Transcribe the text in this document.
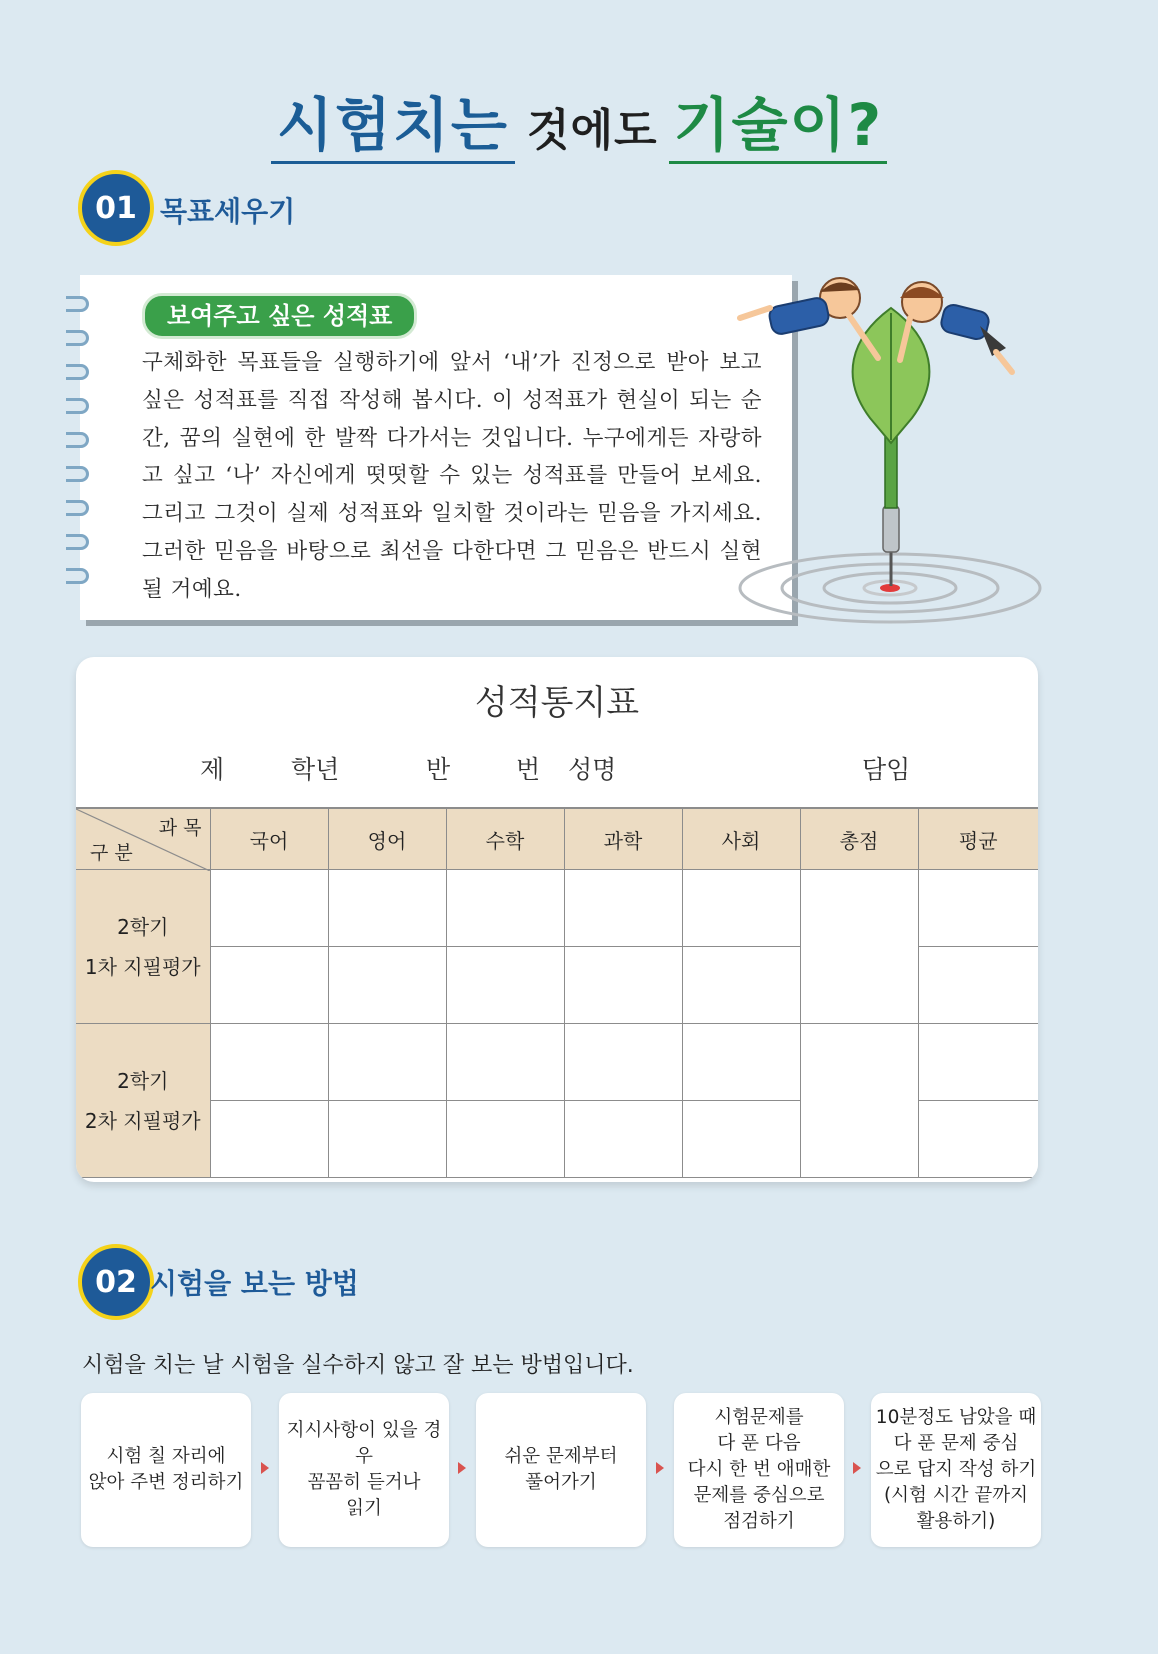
시험치는 것에도 기술이?
01 목표세우기
보여주고 싶은 성적표
구체화한 목표들을 실행하기에 앞서 ‘내’가 진정으로 받아 보고 싶은 성적표를 직접 작성해 봅시다. 이 성적표가 현실이 되는 순간, 꿈의 실현에 한 발짝 다가서는 것입니다. 누구에게든 자랑하고 싶고 ‘나’ 자신에게 떳떳할 수 있는 성적표를 만들어 보세요. 그리고 그것이 실제 성적표와 일치할 것이라는 믿음을 가지세요. 그러한 믿음을 바탕으로 최선을 다한다면 그 믿음은 반드시 실현될 거예요.
성적통지표
제	학년	반	번 성명	담임
과 목
구 분	국어	영어	수학	과학	사회	총점	평균

2학기
1차 지필평가							

2학기
2차 지필평가							

02 시험을 보는 방법
시험을 치는 날 시험을 실수하지 않고 잘 보는 방법입니다.
시험 칠 자리에
앉아 주변 정리하기
지시사항이 있을 경우
꼼꼼히 듣거나
읽기
쉬운 문제부터
풀어가기
시험문제를
다 푼 다음
다시 한 번 애매한
문제를 중심으로
점검하기
10분정도 남았을 때
다 푼 문제 중심
으로 답지 작성 하기
(시험 시간 끝까지
활용하기)
